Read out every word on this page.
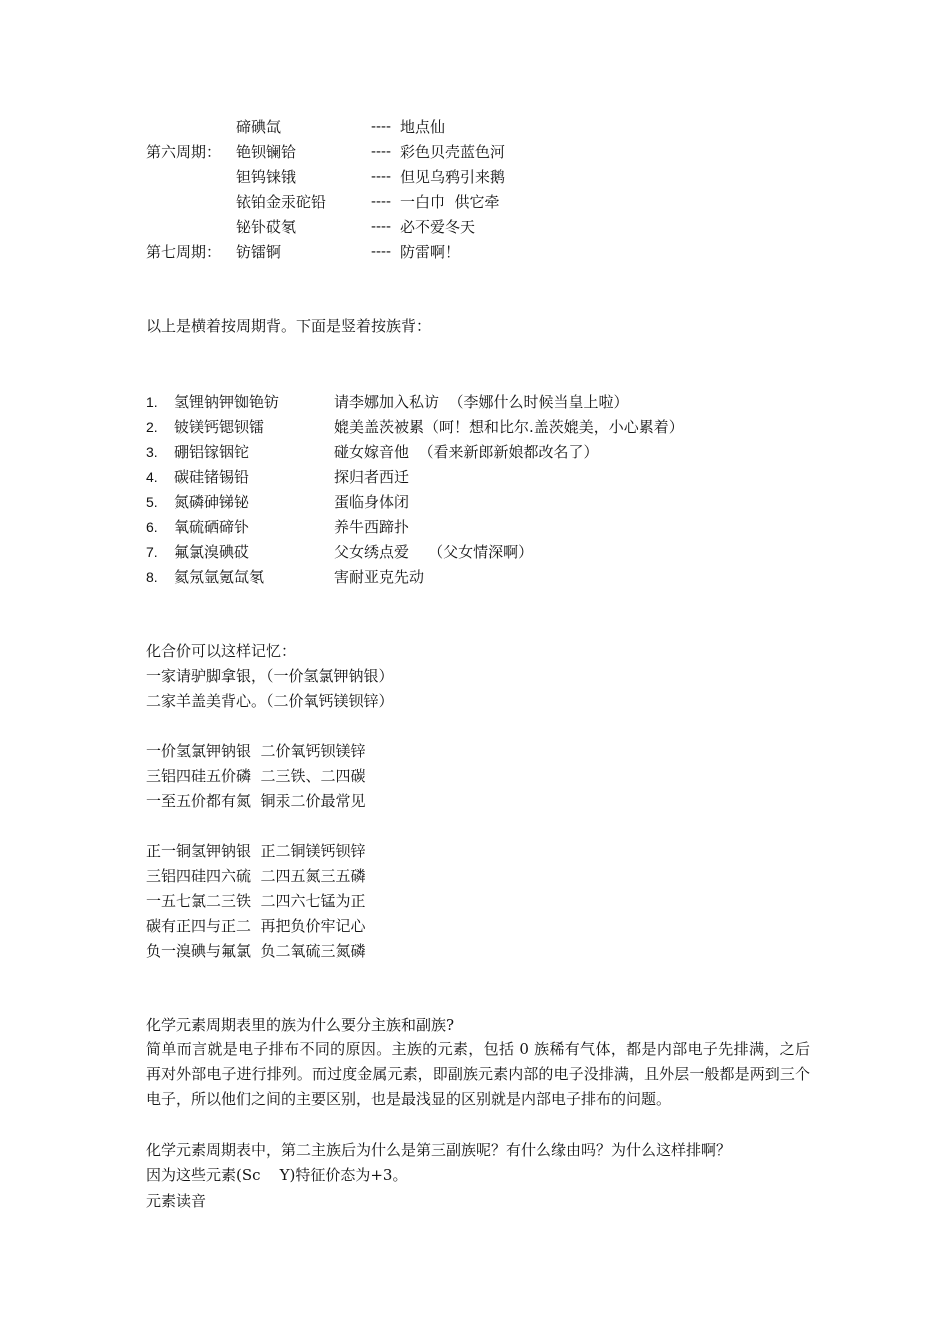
碲碘氙	---- 地点仙
第六周期： 铯钡镧铪	---- 彩色贝壳蓝色河
钽钨铼锇	---- 但见乌鸦引来鹅
铱铂金汞砣铅	---- 一白巾  供它牵
铋钋砹氡	---- 必不爱冬天
第七周期： 钫镭锕	---- 防雷啊！
以上是横着按周期背。下面是竖着按族背：
1. 氢锂钠钾铷铯钫	请李娜加入私访  （李娜什么时候当皇上啦）
2. 铍镁钙锶钡镭	媲美盖茨被累（呵！想和比尔.盖茨媲美，小心累着）
3. 硼铝镓铟铊	碰女嫁音他  （看来新郎新娘都改名了）
4. 碳硅锗锡铅	探归者西迁
5. 氮磷砷锑铋	蛋临身体闭
6. 氧硫硒碲钋	养牛西蹄扑
7. 氟氯溴碘砹	父女绣点爱    （父女情深啊）
8. 氦氖氩氪氙氡	害耐亚克先动
化合价可以这样记忆：
一家请驴脚拿银，（一价氢氯钾钠银）
二家羊盖美背心。（二价氧钙镁钡锌）
一价氢氯钾钠银  二价氧钙钡镁锌
三铝四硅五价磷  二三铁、二四碳
一至五价都有氮  铜汞二价最常见
正一铜氢钾钠银  正二铜镁钙钡锌
三铝四硅四六硫  二四五氮三五磷
一五七氯二三铁  二四六七锰为正
碳有正四与正二  再把负价牢记心
负一溴碘与氟氯  负二氧硫三氮磷
化学元素周期表里的族为什么要分主族和副族?
简单而言就是电子排布不同的原因。主族的元素，包括 0 族稀有气体，都是内部电子先排满，之后再对外部电子进行排列。而过度金属元素，即副族元素内部的电子没排满，且外层一般都是两到三个电子，所以他们之间的主要区别，也是最浅显的区别就是内部电子排布的问题。
化学元素周期表中，第二主族后为什么是第三副族呢？有什么缘由吗？为什么这样排啊？
因为这些元素(Sc    Y)特征价态为+3。
元素读音
